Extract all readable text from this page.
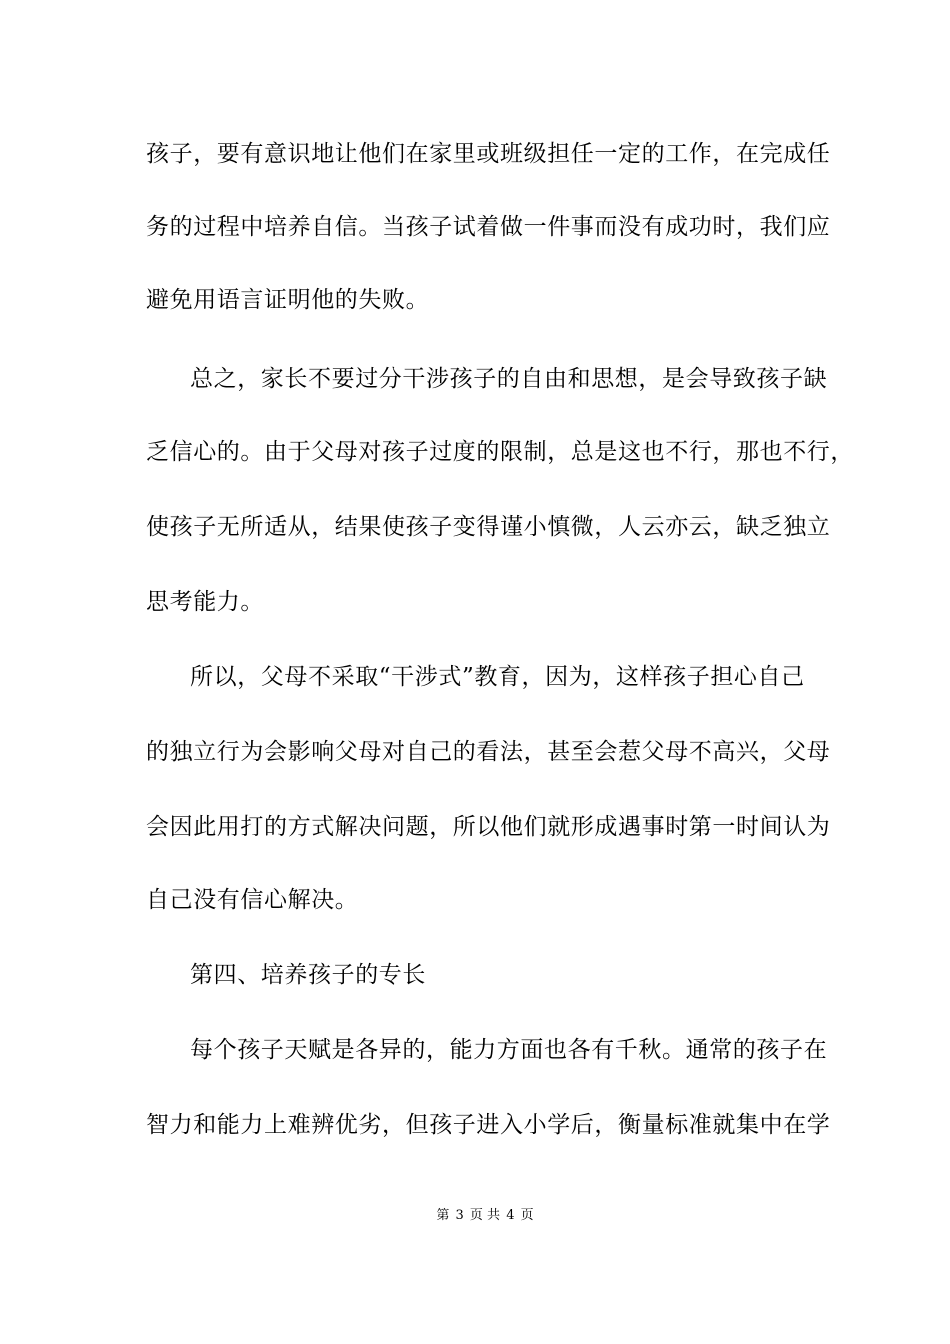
孩子，要有意识地让他们在家里或班级担任一定的工作，在完成任
务的过程中培养自信。当孩子试着做一件事而没有成功时，我们应
避免用语言证明他的失败。
总之，家长不要过分干涉孩子的自由和思想，是会导致孩子缺
乏信心的。由于父母对孩子过度的限制，总是这也不行，那也不行，
使孩子无所适从，结果使孩子变得谨小慎微，人云亦云，缺乏独立
思考能力。
所以，父母不采取“干涉式”教育，因为，这样孩子担心自己
的独立行为会影响父母对自己的看法，甚至会惹父母不高兴，父母
会因此用打的方式解决问题，所以他们就形成遇事时第一时间认为
自己没有信心解决。
第四、培养孩子的专长
每个孩子天赋是各异的，能力方面也各有千秋。通常的孩子在
智力和能力上难辨优劣，但孩子进入小学后，衡量标准就集中在学
第 3 页 共 4 页
